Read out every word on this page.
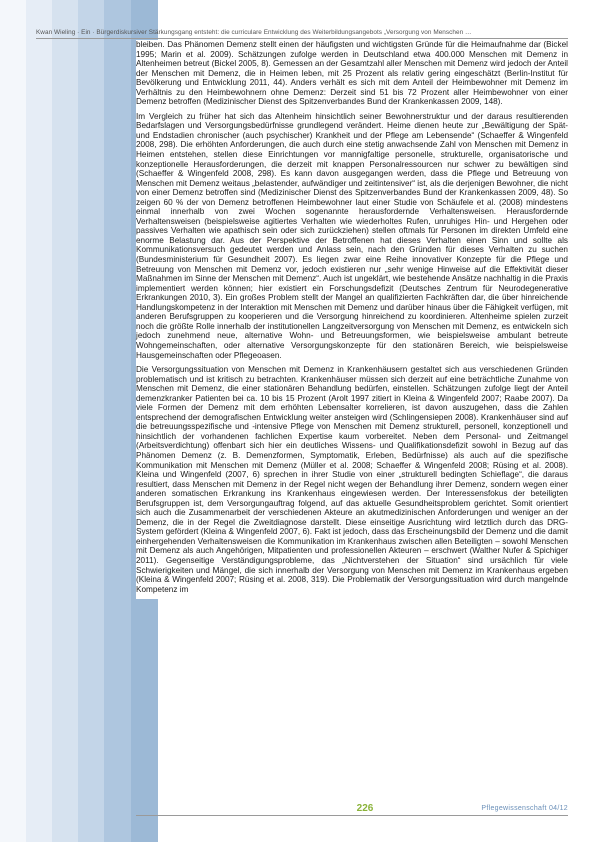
Kwan Wieling · Ein · Bürgerdiskursiver Stärkungsgang entsteht: die curriculare Entwicklung des Weiterbildungsangebots „Versorgung von Menschen …

bleiben. Das Phänomen Demenz stellt einen der häufigsten und wichtigsten Gründe für die Heimaufnahme dar (Bickel 1995; Marin et al. 2009). Schätzungen zufolge werden in Deutschland etwa 400.000 Menschen mit Demenz in Altenheimen betreut (Bickel 2005, 8). Gemessen an der Gesamtzahl aller Menschen mit Demenz wird jedoch der Anteil der Menschen mit Demenz, die in Heimen leben, mit 25 Prozent als relativ gering eingeschätzt (Berlin-Institut für Bevölkerung und Entwicklung 2011, 44). Anders verhält es sich mit dem Anteil der Heimbewohner mit Demenz im Verhältnis zu den Heimbewohnern ohne Demenz: Derzeit sind 51 bis 72 Prozent aller Heimbewohner von einer Demenz betroffen (Medizinischer Dienst des Spitzenverbandes Bund der Krankenkassen 2009, 148).

Im Vergleich zu früher hat sich das Altenheim hinsichtlich seiner Bewohnerstruktur und der daraus resultierenden Bedarfslagen und Versorgungsbedürfnisse grundlegend verändert. Heime dienen heute zur „Bewältigung der Spät- und Endstadien chronischer (auch psychischer) Krankheit und der Pflege am Lebensende“ (Schaeffer & Wingenfeld 2008, 298). Die erhöhten Anforderungen, die auch durch eine stetig anwachsende Zahl von Menschen mit Demenz in Heimen entstehen, stellen diese Einrichtungen vor mannigfaltige personelle, strukturelle, organisatorische und konzeptionelle Herausforderungen, die derzeit mit knappen Personalressourcen nur schwer zu bewältigen sind (Schaeffer & Wingenfeld 2008, 298). Es kann davon ausgegangen werden, dass die Pflege und Betreuung von Menschen mit Demenz weitaus „belastender, aufwändiger und zeitintensiver“ ist, als die derjenigen Bewohner, die nicht von einer Demenz betroffen sind (Medizinischer Dienst des Spitzenverbandes Bund der Krankenkassen 2009, 48). So zeigen 60 % der von Demenz betroffenen Heimbewohner laut einer Studie von Schäufele et al. (2008) mindestens einmal innerhalb von zwei Wochen sogenannte herausfordernde Verhaltensweisen. Herausfordernde Verhaltensweisen (beispielsweise agitiertes Verhalten wie wiederholtes Rufen, unruhiges Hin- und Hergehen oder passives Verhalten wie apathisch sein oder sich zurückziehen) stellen oftmals für Personen im direkten Umfeld eine enorme Belastung dar. Aus der Perspektive der Betroffenen hat dieses Verhalten einen Sinn und sollte als Kommunikationsversuch gedeutet werden und Anlass sein, nach den Gründen für dieses Verhalten zu suchen (Bundesministerium für Gesundheit 2007). Es liegen zwar eine Reihe innovativer Konzepte für die Pflege und Betreuung von Menschen mit Demenz vor, jedoch existieren nur „sehr wenige Hinweise auf die Effektivität dieser Maßnahmen im Sinne der Menschen mit Demenz“. Auch ist ungeklärt, wie bestehende Ansätze nachhaltig in die Praxis implementiert werden können; hier existiert ein Forschungsdefizit (Deutsches Zentrum für Neurodegenerative Erkrankungen 2010, 3). Ein großes Problem stellt der Mangel an qualifizierten Fachkräften dar, die über hinreichende Handlungskompetenz in der Interaktion mit Menschen mit Demenz und darüber hinaus über die Fähigkeit verfügen, mit anderen Berufsgruppen zu kooperieren und die Versorgung hinreichend zu koordinieren. Altenheime spielen zurzeit noch die größte Rolle innerhalb der institutionellen Langzeitversorgung von Menschen mit Demenz, es entwickeln sich jedoch zunehmend neue, alternative Wohn- und Betreuungsformen, wie beispielsweise ambulant betreute Wohngemeinschaften, oder alternative Versorgungskonzepte für den stationären Bereich, wie beispielsweise Hausgemeinschaften oder Pflegeoasen.

Die Versorgungssituation von Menschen mit Demenz in Krankenhäusern gestaltet sich aus verschiedenen Gründen problematisch und ist kritisch zu betrachten. Krankenhäuser müssen sich derzeit auf eine beträchtliche Zunahme von Menschen mit Demenz, die einer stationären Behandlung bedürfen, einstellen. Schätzungen zufolge liegt der Anteil demenzkranker Patienten bei ca. 10 bis 15 Prozent (Arolt 1997 zitiert in Kleina & Wingenfeld 2007; Raabe 2007). Da viele Formen der Demenz mit dem erhöhten Lebensalter korrelieren, ist davon auszugehen, dass die Zahlen entsprechend der demografischen Entwicklung weiter ansteigen wird (Schlingensiepen 2008). Krankenhäuser sind auf die betreuungsspezifische und -intensive Pflege von Menschen mit Demenz strukturell, personell, konzeptionell und hinsichtlich der vorhandenen fachlichen Expertise kaum vorbereitet. Neben dem Personal- und Zeitmangel (Arbeitsverdichtung) offenbart sich hier ein deutliches Wissens- und Qualifikationsdefizit sowohl in Bezug auf das Phänomen Demenz (z. B. Demenzformen, Symptomatik, Erleben, Bedürfnisse) als auch auf die spezifische Kommunikation mit Menschen mit Demenz (Müller et al. 2008; Schaeffer & Wingenfeld 2008; Rüsing et al. 2008). Kleina und Wingenfeld (2007, 6) sprechen in ihrer Studie von einer „strukturell bedingten Schieflage“, die daraus resultiert, dass Menschen mit Demenz in der Regel nicht wegen der Behandlung ihrer Demenz, sondern wegen einer anderen somatischen Erkrankung ins Krankenhaus eingewiesen werden. Der Interessensfokus der beteiligten Berufsgruppen ist, dem Versorgungauftrag folgend, auf das aktuelle Gesundheitsproblem gerichtet. Somit orientiert sich auch die Zusammenarbeit der verschiedenen Akteure an akutmedizinischen Anforderungen und weniger an der Demenz, die in der Regel die Zweitdiagnose darstellt. Diese einseitige Ausrichtung wird letztlich durch das DRG-System gefördert (Kleina & Wingenfeld 2007, 6). Fakt ist jedoch, dass das Erscheinungsbild der Demenz und die damit einhergehenden Verhaltensweisen die Kommunikation im Krankenhaus zwischen allen Beteiligten – sowohl Menschen mit Demenz als auch Angehörigen, Mitpatienten und professionellen Akteuren – erschwert (Walther Nufer & Spichiger 2011). Gegenseitige Verständigungsprobleme, das „Nichtverstehen der Situation“ sind ursächlich für viele Schwierigkeiten und Mängel, die sich innerhalb der Versorgung von Menschen mit Demenz im Krankenhaus ergeben (Kleina & Wingenfeld 2007; Rüsing et al. 2008, 319). Die Problematik der Versorgungssituation wird durch mangelnde Kompetenz im

226	Pflegewissenschaft 04/12
